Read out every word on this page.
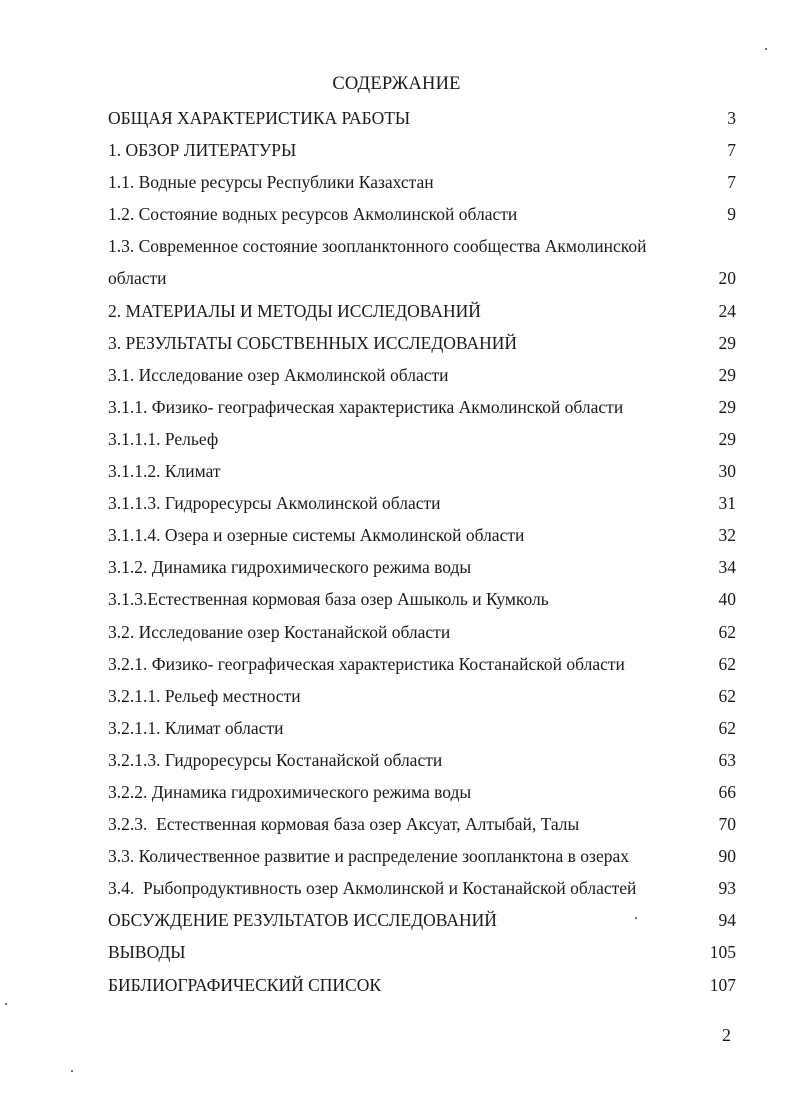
СОДЕРЖАНИЕ
ОБЩАЯ ХАРАКТЕРИСТИКА РАБОТЫ	3
1. ОБЗОР ЛИТЕРАТУРЫ	7
1.1. Водные ресурсы Республики Казахстан	7
1.2. Состояние водных ресурсов Акмолинской области	9
1.3. Современное состояние зоопланктонного сообщества Акмолинской
области	20
2. МАТЕРИАЛЫ И МЕТОДЫ ИССЛЕДОВАНИЙ	24
3. РЕЗУЛЬТАТЫ СОБСТВЕННЫХ ИССЛЕДОВАНИЙ	29
3.1. Исследование озер Акмолинской области	29
3.1.1. Физико- географическая характеристика Акмолинской области	29
3.1.1.1. Рельеф	29
3.1.1.2. Климат	30
3.1.1.3. Гидроресурсы Акмолинской области	31
3.1.1.4. Озера и озерные системы Акмолинской области	32
3.1.2. Динамика гидрохимического режима воды	34
3.1.3.Естественная кормовая база озер Ашыколь и Кумколь	40
3.2. Исследование озер Костанайской области	62
3.2.1. Физико- географическая характеристика Костанайской области	62
3.2.1.1. Рельеф местности	62
3.2.1.1. Климат области	62
3.2.1.3. Гидроресурсы Костанайской области	63
3.2.2. Динамика гидрохимического режима воды	66
3.2.3.  Естественная кормовая база озер Аксуат, Алтыбай, Талы	70
3.3. Количественное развитие и распределение зоопланктона в озерах	90
3.4.  Рыбопродуктивность озер Акмолинской и Костанайской областей	93
ОБСУЖДЕНИЕ РЕЗУЛЬТАТОВ ИССЛЕДОВАНИЙ	94
ВЫВОДЫ	105
БИБЛИОГРАФИЧЕСКИЙ СПИСОК	107
2
